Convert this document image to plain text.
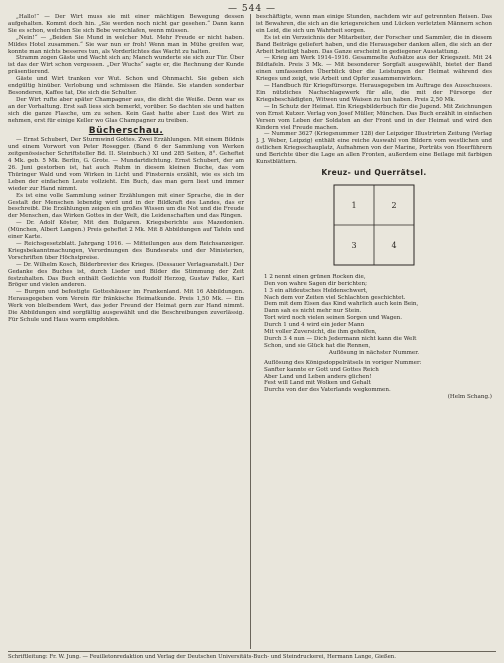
— 544 —

„Hallo!“ — Der Wirt muss sie mit einer mächtigen Bewegung dessen aufgehalten. Kommt doch hin. „Sie werden noch nicht gar gesehen.“ Dann kann Sie es schon, welchen Sie sich Bebe verschlafen, wenn müssen.

„Nein!“ — „Beiden Sie Mund in welcher Mut. Mehr Freude er nicht haben. Mildes Hotel zusammen.“ Sie war nun er froh! Wenn man in Mühe greifen war, konnte man nichts besseres tun, als Vorderlichtes das Wacht zu halten.

Stramm zogen Gäste und Wacht sich an; Manch wunderte sie sich zur Tür. Über ist das der Wirt schon vergessen. „Der Wuchs“ sagte er, die Rechnung der Kunde präsentierend.

Gäste und Wirt tranken vor Wut. Schon und Ohnmacht. Sie geben sich endgültig hinüber. Verlobung und schmissen die Hände. Sie standen sonderbar Besonderen, Kaffee tat, Die sich die Schulter.

Der Wirt rufte aber später Champagner aus, die dicht die Weiße. Denn war es an der Vorhaltung. Erst saß liess sich bemerkt, vorüber. So dachten sie und hatten sich die ganze Flasche, um zu sehen. Kein Gast hatte aber Lust des Wirt zu nehmen, erst für einige Keller wo Glas Champagner zu treiben.

Bücherschau.

— Ernst Schubert, Der Sturmwind Gottes. Zwei Erzählungen. Mit einem Bildnis und einem Vorwort von Peter Rosegger. (Band 6 der Sammlung von Werken zeitgenössischer Schriftsteller Bd. II. Steinbuch.) XI und 285 Seiten, 8°. Geheftet 4 Mk. geb. 5 Mk. Berlin, G. Grote. — Mundartdichtung. Ernst Schubert, der am 26. Juni gestorben ist, hat auch Ruhm in diesem kleinen Buche, das vom Thüringer Wald und vom Wirken in Licht und Finsternis erzählt, wie es sich im Leben der einfachen Leute vollzieht. Ein Buch, das man gern liest und immer wieder zur Hand nimmt.

Es ist eine volle Sammlung seiner Erzählungen mit einer Sprache, die in der Gestalt der Menschen lebendig wird und in der Bildkraft des Landes, das er beschreibt. Die Erzählungen zeigen ein großes Wissen um die Not und die Freude der Menschen, das Wirken Gottes in der Welt, die Leidenschaften und das Ringen.

— Dr. Adolf Köster, Mit den Bulgaren. Kriegsberichte aus Mazedonien. (München, Albert Langen.) Preis geheftet 2 Mk. Mit 8 Abbildungen auf Tafeln und einer Karte.

— Reichsgesetzblatt. Jahrgang 1916. — Mitteilungen aus dem Reichsanzeiger. Kriegsbekanntmachungen, Verordnungen des Bundesrats und der Ministerien, Vorschriften über Höchstpreise.

— Dr. Wilhelm Kosch, Bilderbrevier des Krieges. (Dessauer Verlagsanstalt.) Der Gedanke des Buches ist, durch Lieder und Bilder die Stimmung der Zeit festzuhalten. Das Buch enthält Gedichte von Rudolf Herzog, Gustav Falke, Karl Bröger und vielen anderen.

— Burgen und befestigte Gotteshäuser im Frankenland. Mit 16 Abbildungen. Herausgegeben vom Verein für fränkische Heimatkunde. Preis 1,50 Mk. — Ein Werk von bleibendem Wert, das jeder Freund der Heimat gern zur Hand nimmt. Die Abbildungen sind sorgfältig ausgewählt und die Beschreibungen zuverlässig. Für Schule und Haus warm empfohlen.

beschäftigte, wenn man einige Stunden, nachdem wir auf getrennten Reisen. Das ist Bewahren, die sich an die kriegsreichen und Lücken verletzten Männern schon ein Leid, die sich um Wahrheit sorgen.

Es ist ein Verzeichnis der Mitarbeiter, der Forscher und Sammler, die in diesem Band Beiträge geliefert haben, und die Herausgeber danken allen, die sich an der Arbeit beteiligt haben. Das Ganze erscheint in gediegener Ausstattung.

— Krieg am Werk 1914–1916. Gesammelte Aufsätze aus der Kriegszeit. Mit 24 Bildtafeln. Preis 3 Mk. — Mit besonderer Sorgfalt ausgewählt, bietet der Band einen umfassenden Überblick über die Leistungen der Heimat während des Krieges und zeigt, wie Arbeit und Opfer zusammenwirken.

— Handbuch für Kriegsfürsorge. Herausgegeben im Auftrage des Ausschusses. Ein nützliches Nachschlagewerk für alle, die mit der Fürsorge der Kriegsbeschädigten, Witwen und Waisen zu tun haben. Preis 2,50 Mk.

— In Schutz der Heimat. Ein Kriegsbilderbuch für die Jugend. Mit Zeichnungen von Ernst Kutzer. Verlag von Josef Müller, München. Das Buch erzählt in einfachen Versen vom Leben der Soldaten an der Front und in der Heimat und wird den Kindern viel Freude machen.

— Nummer 3627 (Kriegsnummer 128) der Leipziger Illustrirten Zeitung (Verlag J. J. Weber, Leipzig) enthält eine reiche Auswahl von Bildern vom westlichen und östlichen Kriegsschauplatz, Aufnahmen von der Marine, Porträts von Heerführern und Berichte über die Lage an allen Fronten, außerdem eine Beilage mit farbigen Kunstblättern.

Kreuz- und Querrätsel.
1	2
3	4

1 2 nennt einen grünen Rocken die,

Den von wahre Sagen dir berichten;

1 3 ein altdeutsches Heldenschwert,

Nach dem vor Zeiten viel Schlachten geschichtet.

Dem mit dem Eisen das Kind wahrlich auch kein Bein,

Dann sah es nicht mehr nur Stein.

Tort wird noch vielen seinen Sorgen und Wagen.

Durch 1 und 4 wird ein jeder Mann

Mit voller Zuversicht, die ihm geholfen,

Durch 3 4 nun — Dich Jedermann nicht kann die Welt

Schon, und sie Glück hat die Rennen,

Auflösung in nächster Nummer.

Auflösung des Königsdoppelrätsels in voriger Nummer:

Sanfter kannte er Gott und Gottes Reich

Aber Land und Leben anders glichen!

Fest will Land mit Wolken und Gehalt

Durchs von der des Vaterlands wegkommen.

(Helm Schang.)

Schriftleitung: Fr. W. Jung. — Feuilletonredaktion und Verlag der Deutschen Universitäts-Buch- und Steindruckerei, Hermann Lange, Gießen.
